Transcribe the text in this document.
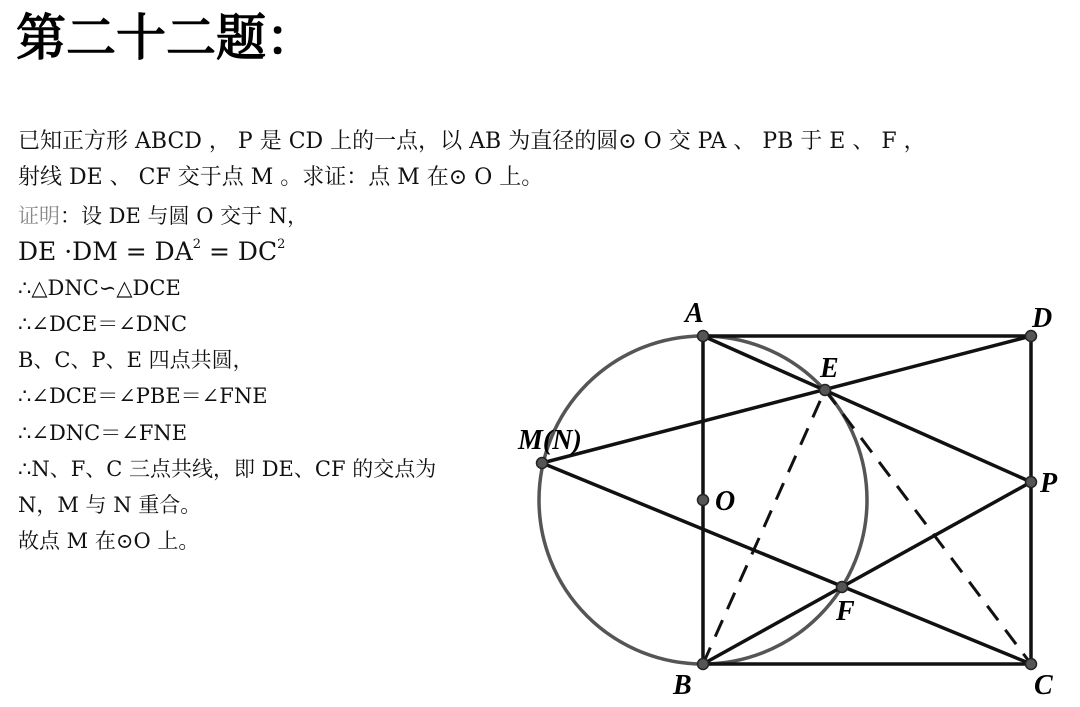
第二十二题：
已知正方形 ABCD ， P 是 CD 上的一点，以 AB 为直径的圆⊙ O 交 PA 、 PB 于 E 、 F ，
射线 DE 、 CF 交于点 M 。求证：点 M 在⊙ O 上。
证明：设 DE 与圆 O 交于 N，
DE $\cdot DM = DA^2 = DC^2$
∴△DNC∽△DCE
∴∠DCE＝∠DNC
B、C、P、E 四点共圆，
∴∠DCE＝∠PBE＝∠FNE
∴∠DNC＝∠FNE
∴N、F、C 三点共线，即 DE、CF 的交点为
N，M 与 N 重合。
故点 M 在⊙O 上。
A	D
E
P
O
F
B	C
M(N)
